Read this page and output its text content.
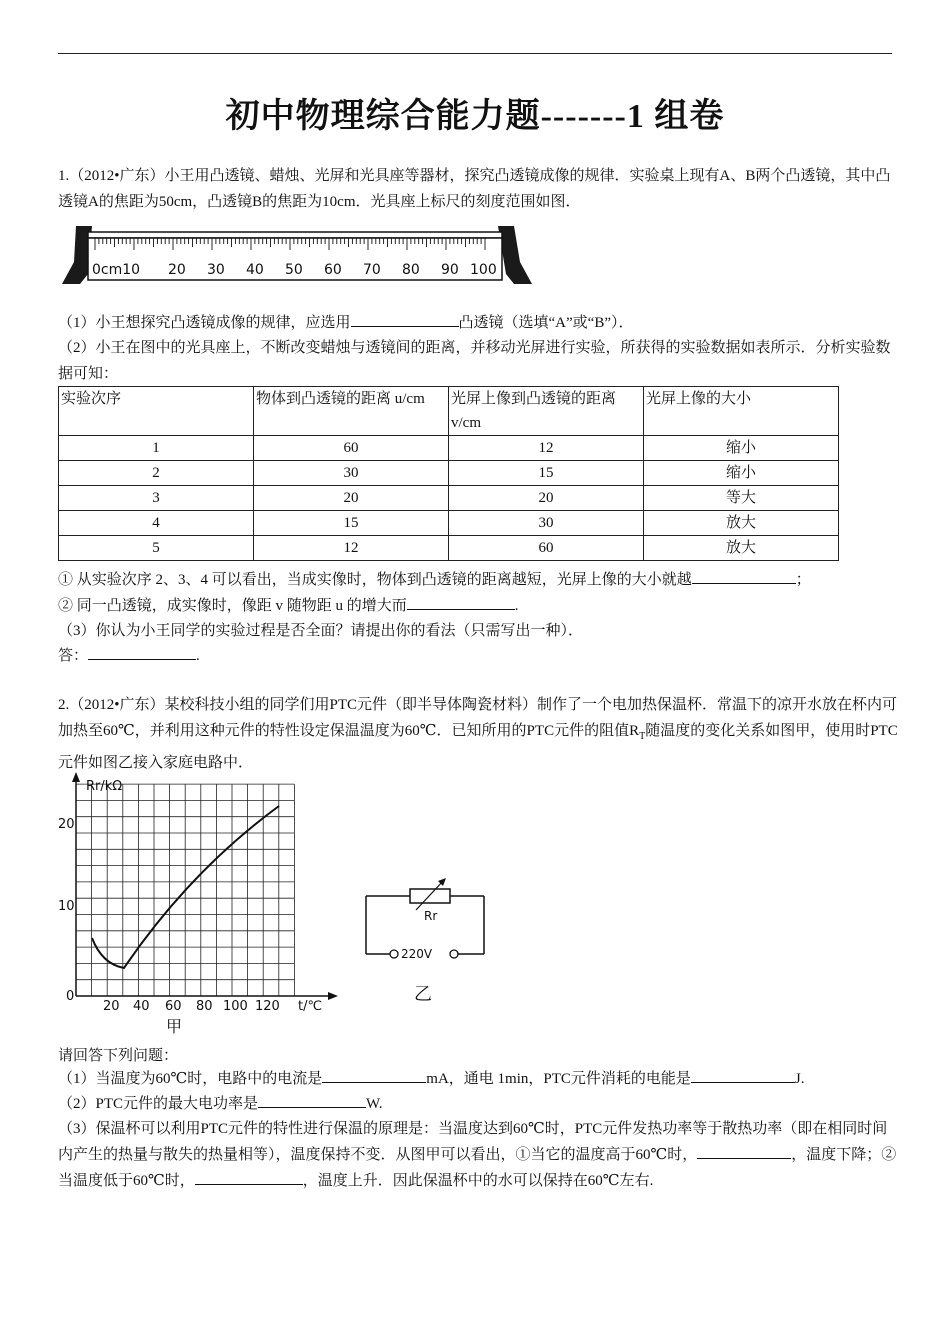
初中物理综合能力题-------1 组卷
1.（2012•广东）小王用凸透镜、蜡烛、光屏和光具座等器材，探究凸透镜成像的规律．实验桌上现有A、B两个凸透镜，其中凸透镜A的焦距为50cm，凸透镜B的焦距为10cm．光具座上标尺的刻度范围如图．
0cm10 20 30 40 50 60 70 80 90 100
（1）小王想探究凸透镜成像的规律，应选用	凸透镜（选填“A”或“B”）．
（2）小王在图中的光具座上，不断改变蜡烛与透镜间的距离，并移动光屏进行实验，所获得的实验数据如表所示．分析实验数据可知：
实验次序	物体到凸透镜的距离 u/cm	光屏上像到凸透镜的距离 v/cm	光屏上像的大小
1	60	12	缩小
2	30	15	缩小
3	20	20	等大
4	15	30	放大
5	12	60	放大
① 从实验次序 2、3、4 可以看出，当成实像时，物体到凸透镜的距离越短，光屏上像的大小就越	；
② 同一凸透镜，成实像时，像距 v 随物距 u 的增大而	.
（3）你认为小王同学的实验过程是否全面？请提出你的看法（只需写出一种）．
答：	.
2.（2012•广东）某校科技小组的同学们用PTC元件（即半导体陶瓷材料）制作了一个电加热保温杯．常温下的凉开水放在杯内可加热至60℃，并利用这种元件的特性设定保温温度为60℃．已知所用的PTC元件的阻值$R_T$随温度的变化关系如图甲，使用时PTC元件如图乙接入家庭电路中．
Rr/kΩ
20
10
0
20 40 60 80 100 120 t/℃
甲
Rr
220V
乙
请回答下列问题：
（1）当温度为60℃时，电路中的电流是	mA，通电 1min，PTC元件消耗的电能是	J.
（2）PTC元件的最大电功率是	W.
（3）保温杯可以利用PTC元件的特性进行保温的原理是：当温度达到60℃时，PTC元件发热功率等于散热功率（即在相同时间内产生的热量与散失的热量相等），温度保持不变．从图甲可以看出，①当它的温度高于60℃时，	，温度下降；②当温度低于60℃时，	，温度上升．因此保温杯中的水可以保持在60℃左右.
